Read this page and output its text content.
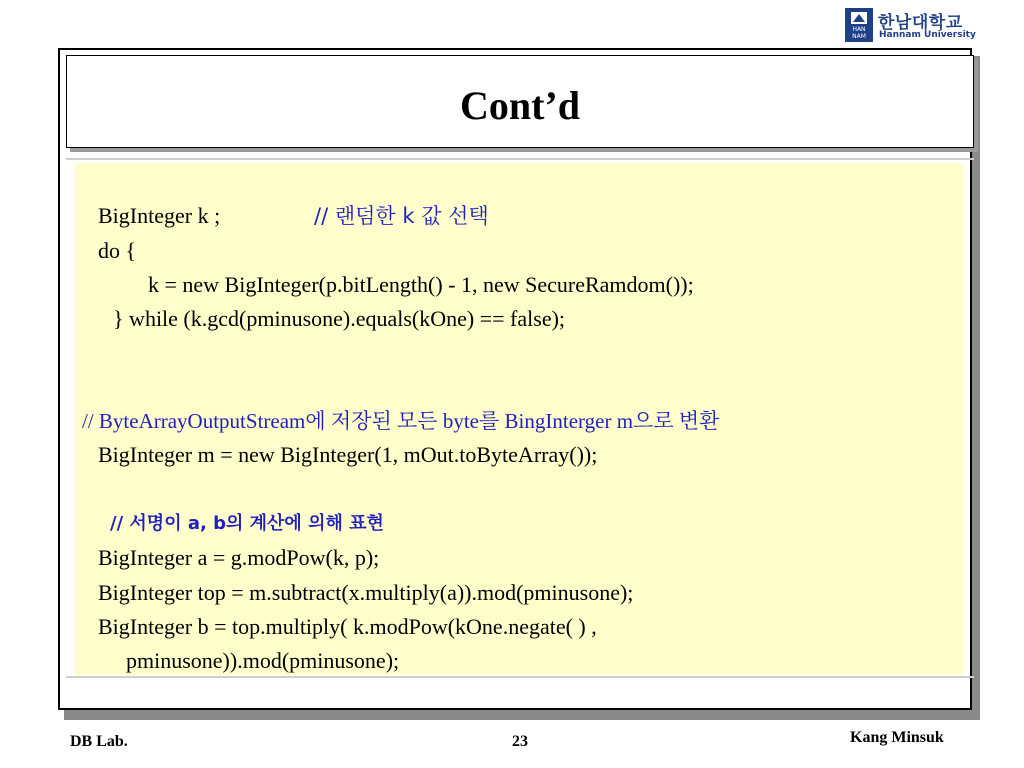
HAN NAM
한남대학교
Hannam University
Cont’d
BigInteger k ;	// 랜덤한 k 값 선택
do {
k = new BigInteger(p.bitLength() - 1, new SecureRamdom());
} while (k.gcd(pminusone).equals(kOne) == false);
// ByteArrayOutputStream에 저장된 모든 byte를 BingInterger m으로 변환
BigInteger m = new BigInteger(1, mOut.toByteArray());
// 서명이 a, b의 계산에 의해 표현
BigInteger a = g.modPow(k, p);
BigInteger top = m.subtract(x.multiply(a)).mod(pminusone);
BigInteger b = top.multiply( k.modPow(kOne.negate( ) ,
pminusone)).mod(pminusone);
DB Lab.	23	Kang Minsuk
